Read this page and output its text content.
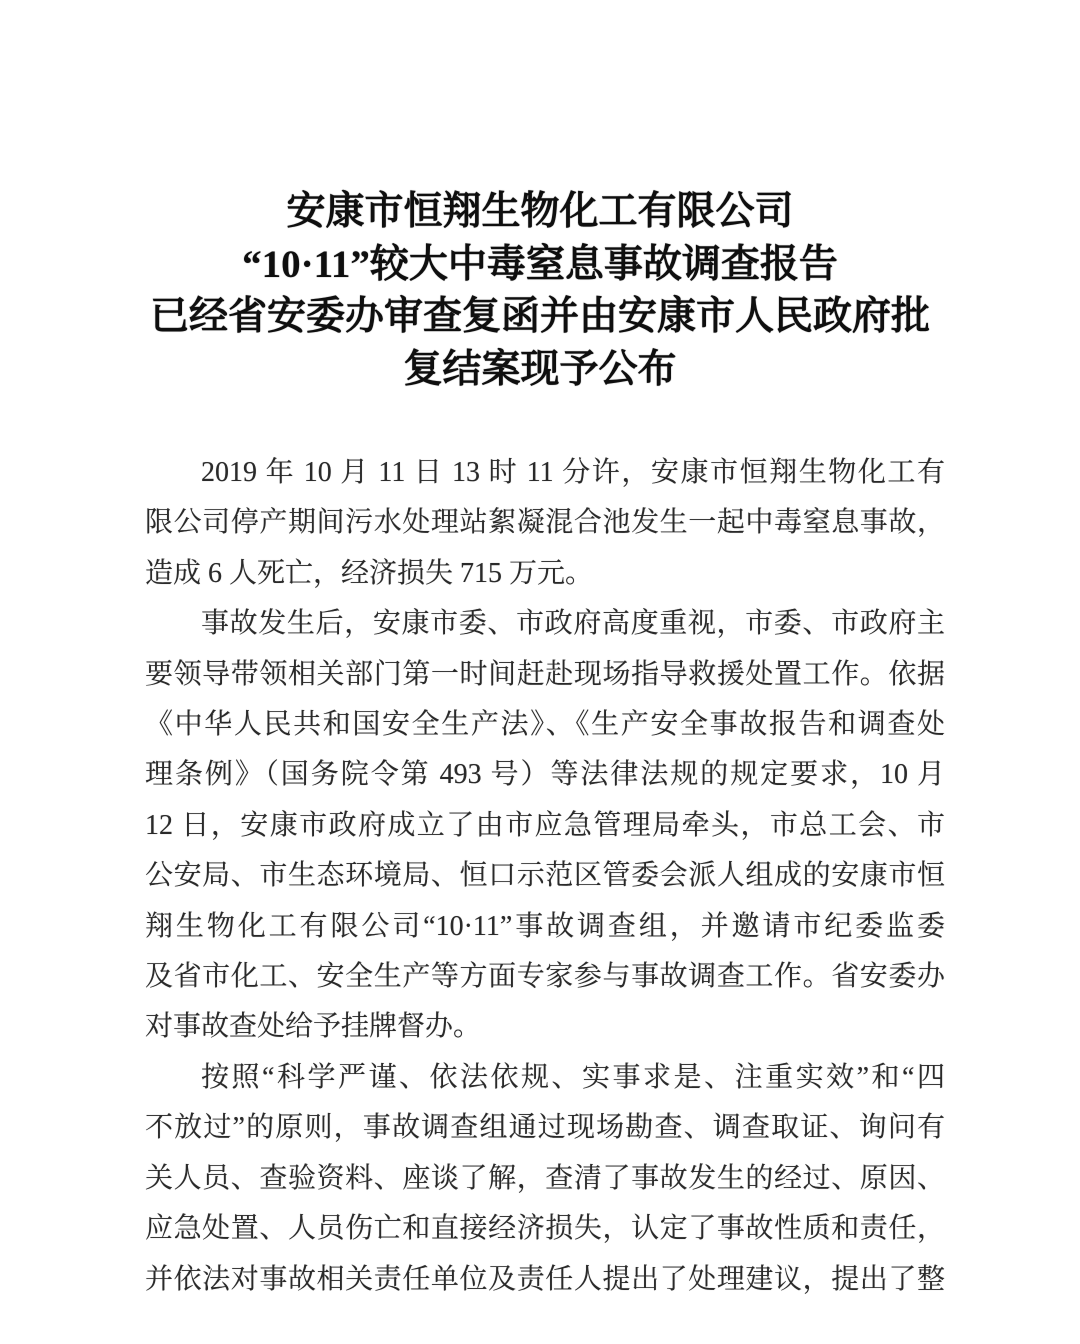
安康市恒翔生物化工有限公司
“10·11”较大中毒窒息事故调查报告
已经省安委办审查复函并由安康市人民政府批
复结案现予公布
2019 年 10 月 11 日 13 时 11 分许，安康市恒翔生物化工有
限公司停产期间污水处理站絮凝混合池发生一起中毒窒息事故，
造成 6 人死亡，经济损失 715 万元。
事故发生后，安康市委、市政府高度重视，市委、市政府主
要领导带领相关部门第一时间赶赴现场指导救援处置工作。依据
《中华人民共和国安全生产法》、《生产安全事故报告和调查处
理条例》（国务院令第 493 号）等法律法规的规定要求，10 月
12 日，安康市政府成立了由市应急管理局牵头，市总工会、市
公安局、市生态环境局、恒口示范区管委会派人组成的安康市恒
翔生物化工有限公司“10·11”事故调查组，并邀请市纪委监委
及省市化工、安全生产等方面专家参与事故调查工作。省安委办
对事故查处给予挂牌督办。
按照“科学严谨、依法依规、实事求是、注重实效”和“四
不放过”的原则，事故调查组通过现场勘查、调查取证、询问有
关人员、查验资料、座谈了解，查清了事故发生的经过、原因、
应急处置、人员伤亡和直接经济损失，认定了事故性质和责任，
并依法对事故相关责任单位及责任人提出了处理建议，提出了整
